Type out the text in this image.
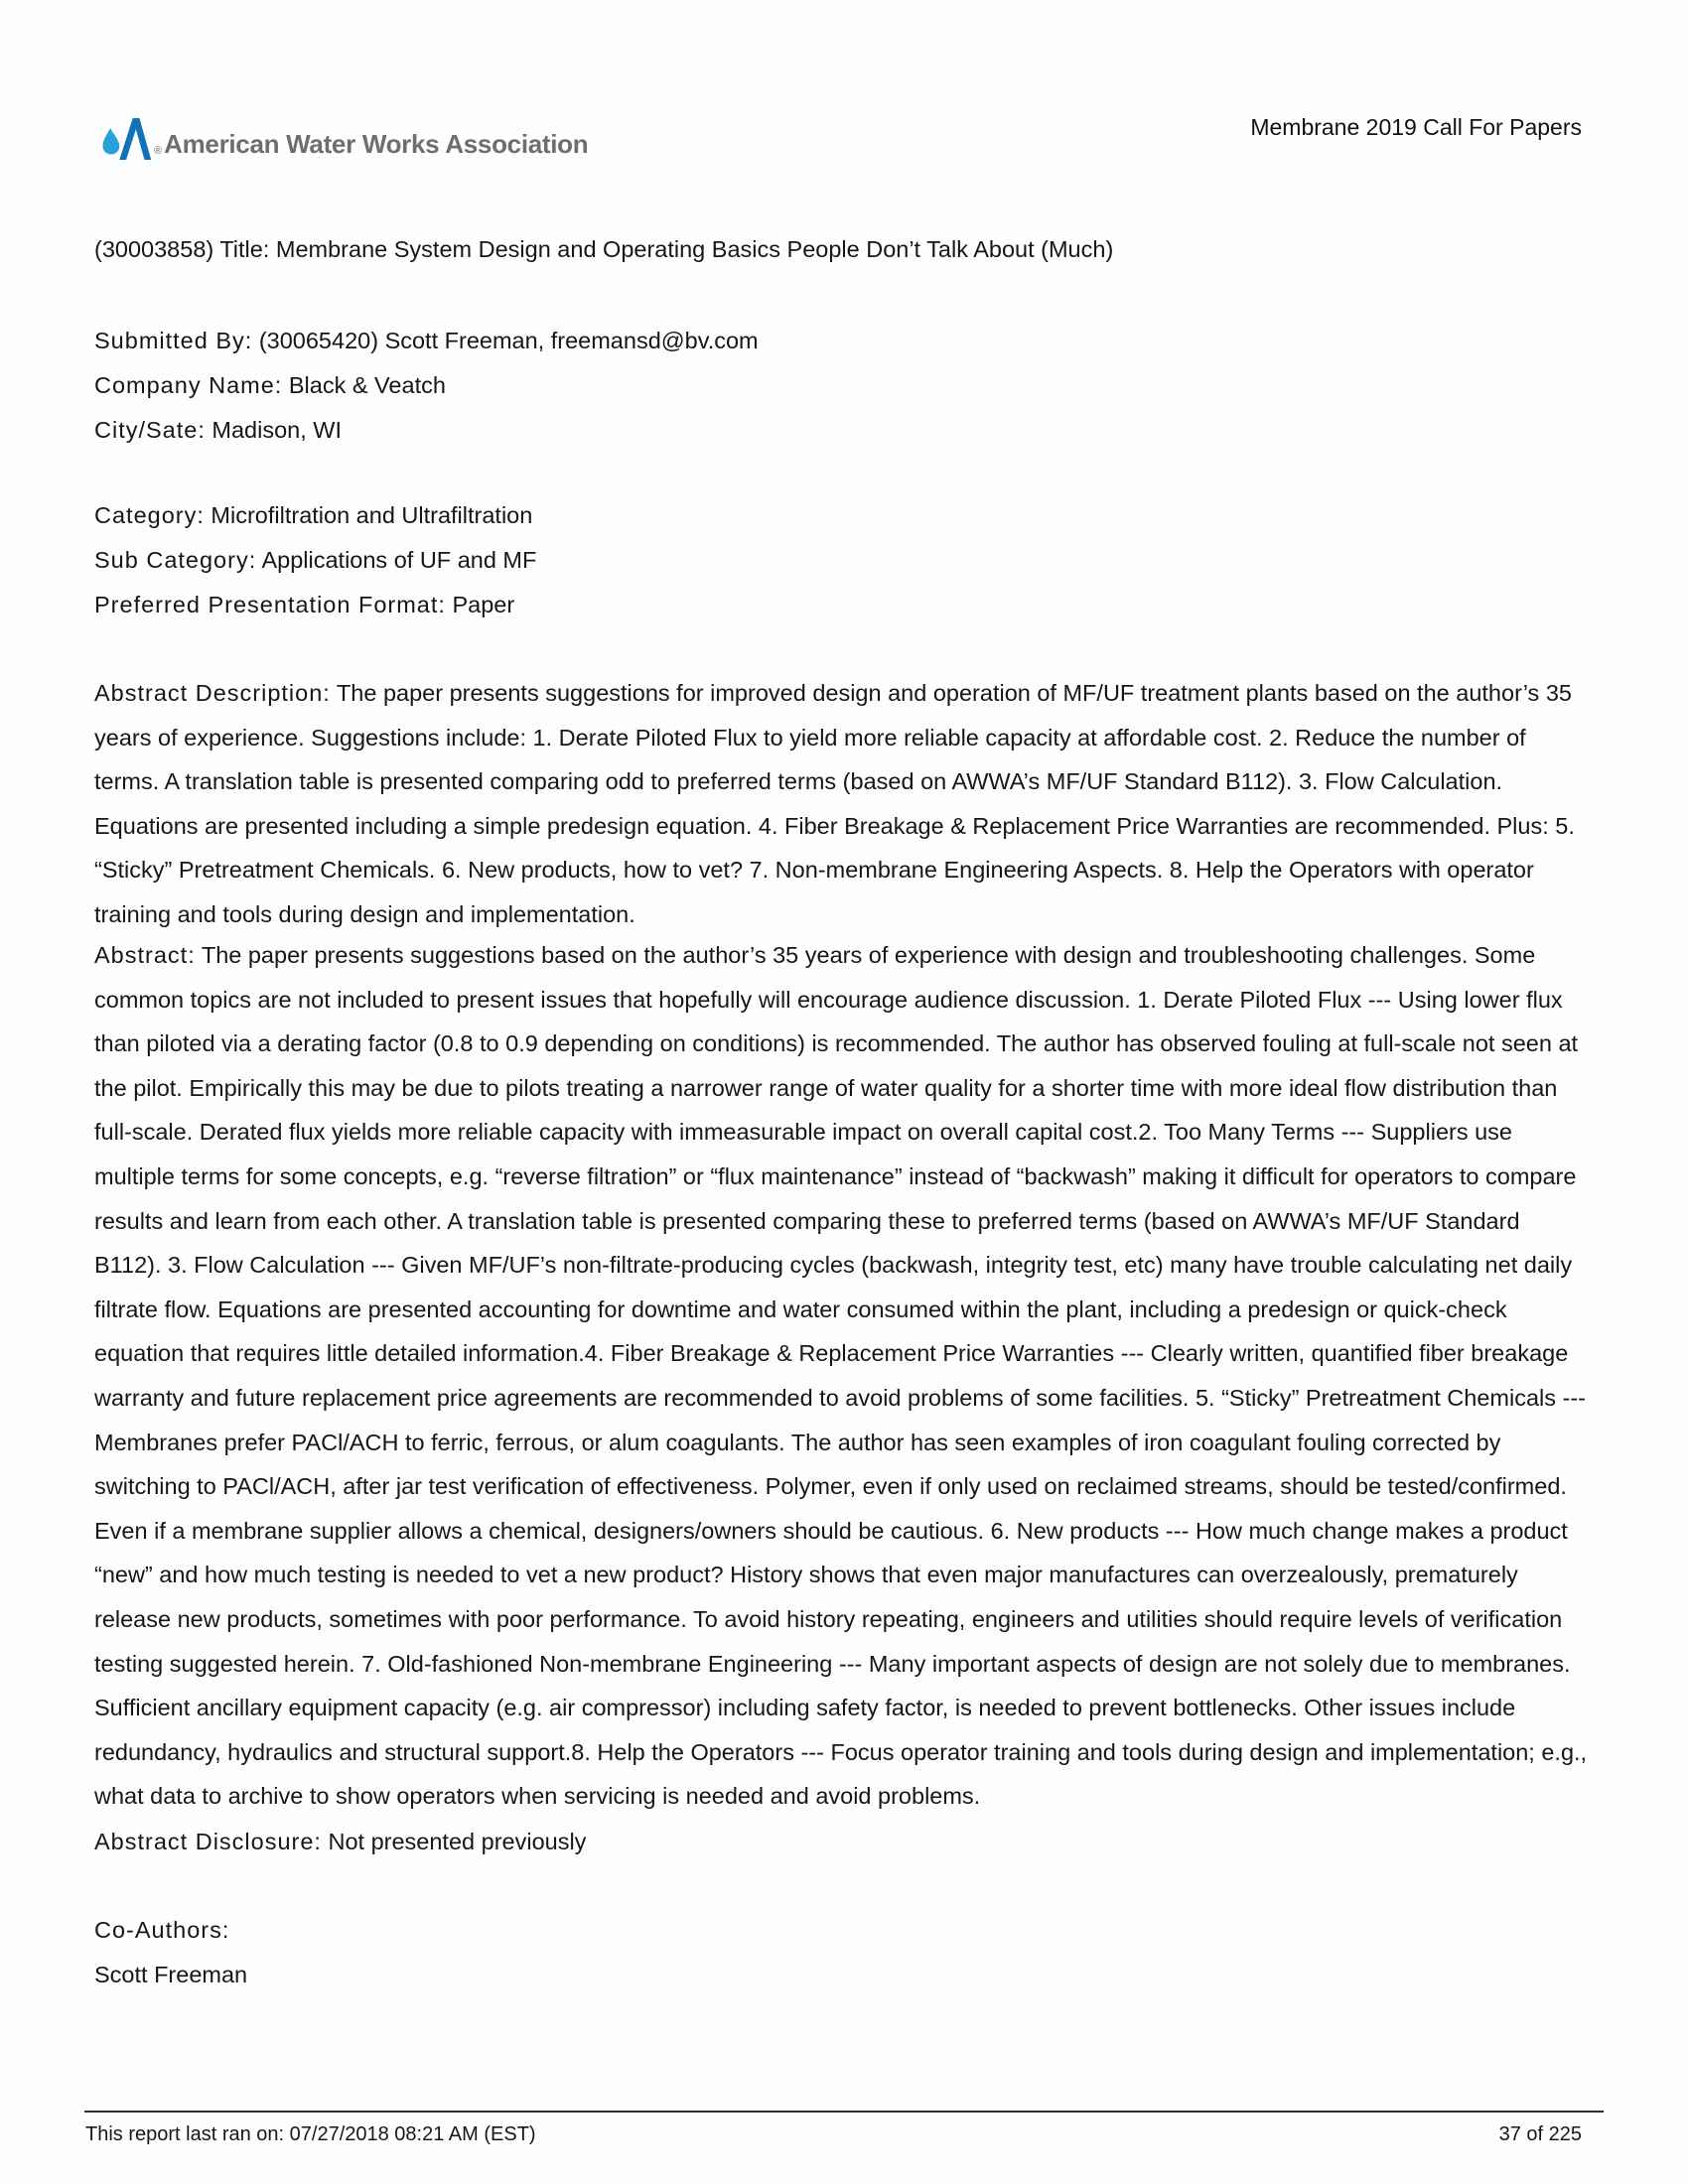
® American Water Works Association
Membrane 2019 Call For Papers
(30003858) Title: Membrane System Design and Operating Basics People Don’t Talk About (Much)
Submitted By: (30065420) Scott Freeman, freemansd@bv.com
Company Name: Black & Veatch
City/Sate: Madison, WI
Category: Microfiltration and Ultrafiltration
Sub Category: Applications of UF and MF
Preferred Presentation Format: Paper
Abstract Description: The paper presents suggestions for improved design and operation of MF/UF treatment plants based on the author’s 35 years of experience. Suggestions include: 1. Derate Piloted Flux to yield more reliable capacity at affordable cost. 2. Reduce the number of terms. A translation table is presented comparing odd to preferred terms (based on AWWA’s MF/UF Standard B112). 3. Flow Calculation. Equations are presented including a simple predesign equation. 4. Fiber Breakage & Replacement Price Warranties are recommended. Plus: 5. “Sticky” Pretreatment Chemicals. 6. New products, how to vet? 7. Non-membrane Engineering Aspects. 8. Help the Operators with operator training and tools during design and implementation.
Abstract: The paper presents suggestions based on the author’s 35 years of experience with design and troubleshooting challenges. Some common topics are not included to present issues that hopefully will encourage audience discussion. 1. Derate Piloted Flux --- Using lower flux than piloted via a derating factor (0.8 to 0.9 depending on conditions) is recommended. The author has observed fouling at full-scale not seen at the pilot. Empirically this may be due to pilots treating a narrower range of water quality for a shorter time with more ideal flow distribution than full-scale. Derated flux yields more reliable capacity with immeasurable impact on overall capital cost.2. Too Many Terms --- Suppliers use multiple terms for some concepts, e.g. “reverse filtration” or “flux maintenance” instead of “backwash” making it difficult for operators to compare results and learn from each other. A translation table is presented comparing these to preferred terms (based on AWWA’s MF/UF Standard B112). 3. Flow Calculation --- Given MF/UF’s non-filtrate-producing cycles (backwash, integrity test, etc) many have trouble calculating net daily filtrate flow. Equations are presented accounting for downtime and water consumed within the plant, including a predesign or quick-check equation that requires little detailed information.4. Fiber Breakage & Replacement Price Warranties --- Clearly written, quantified fiber breakage warranty and future replacement price agreements are recommended to avoid problems of some facilities. 5. “Sticky” Pretreatment Chemicals --- Membranes prefer PACl/ACH to ferric, ferrous, or alum coagulants. The author has seen examples of iron coagulant fouling corrected by switching to PACl/ACH, after jar test verification of effectiveness. Polymer, even if only used on reclaimed streams, should be tested/confirmed. Even if a membrane supplier allows a chemical, designers/owners should be cautious. 6. New products --- How much change makes a product “new” and how much testing is needed to vet a new product? History shows that even major manufactures can overzealously, prematurely release new products, sometimes with poor performance. To avoid history repeating, engineers and utilities should require levels of verification testing suggested herein. 7. Old-fashioned Non-membrane Engineering --- Many important aspects of design are not solely due to membranes. Sufficient ancillary equipment capacity (e.g. air compressor) including safety factor, is needed to prevent bottlenecks. Other issues include redundancy, hydraulics and structural support.8. Help the Operators --- Focus operator training and tools during design and implementation; e.g., what data to archive to show operators when servicing is needed and avoid problems.
Abstract Disclosure: Not presented previously
Co-Authors:
Scott Freeman
This report last ran on: 07/27/2018 08:21 AM (EST)	37 of 225
